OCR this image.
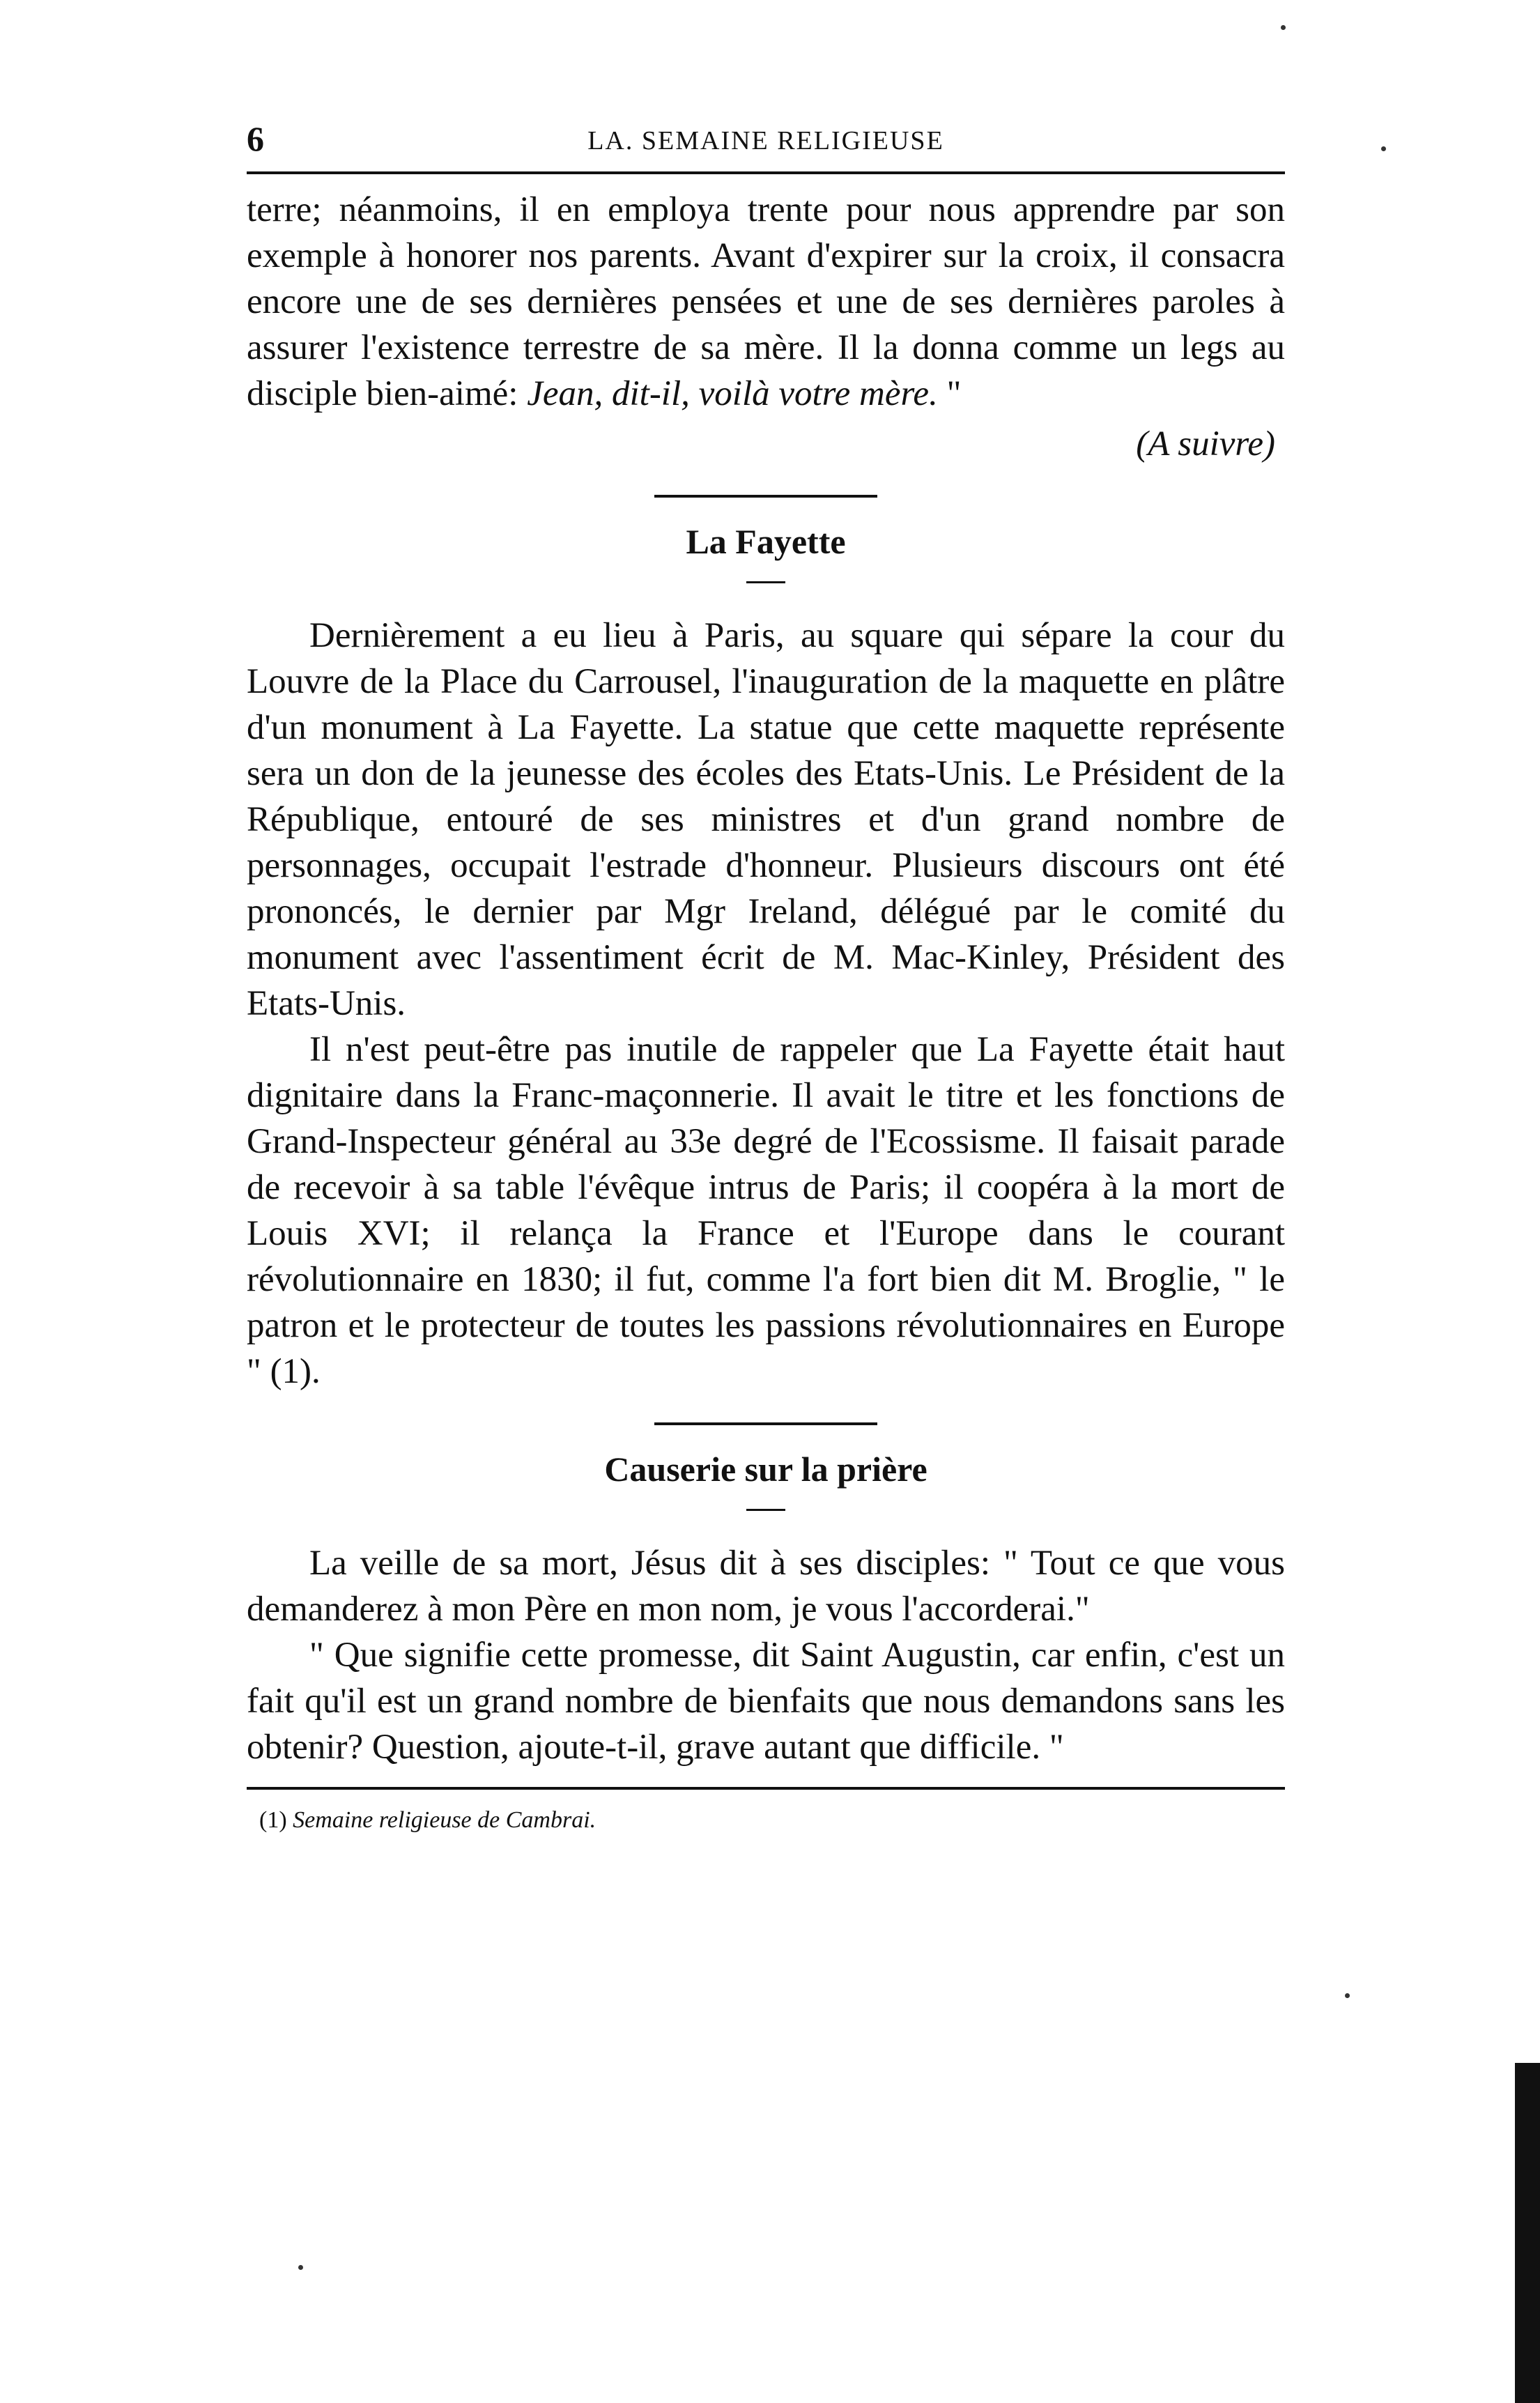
6	LA. SEMAINE RELIGIEUSE

terre; néanmoins, il en employa trente pour nous apprendre par son exemple à honorer nos parents. Avant d'expirer sur la croix, il consacra encore une de ses dernières pensées et une de ses dernières paroles à assurer l'existence terrestre de sa mère. Il la donna comme un legs au disciple bien-aimé: Jean, dit-il, voilà votre mère. "

(A suivre)
La Fayette

Dernièrement a eu lieu à Paris, au square qui sépare la cour du Louvre de la Place du Carrousel, l'inauguration de la maquette en plâtre d'un monument à La Fayette. La statue que cette maquette représente sera un don de la jeunesse des écoles des Etats-Unis. Le Président de la République, entouré de ses ministres et d'un grand nombre de personnages, occupait l'estrade d'honneur. Plusieurs discours ont été prononcés, le dernier par Mgr Ireland, délégué par le comité du monument avec l'assentiment écrit de M. Mac-Kinley, Président des Etats-Unis.

Il n'est peut-être pas inutile de rappeler que La Fayette était haut dignitaire dans la Franc-maçonnerie. Il avait le titre et les fonctions de Grand-Inspecteur général au 33e degré de l'Ecossisme. Il faisait parade de recevoir à sa table l'évêque intrus de Paris; il coopéra à la mort de Louis XVI; il relança la France et l'Europe dans le courant révolutionnaire en 1830; il fut, comme l'a fort bien dit M. Broglie, " le patron et le protecteur de toutes les passions révolutionnaires en Europe " (1).

Causerie sur la prière

La veille de sa mort, Jésus dit à ses disciples: " Tout ce que vous demanderez à mon Père en mon nom, je vous l'accorderai."

" Que signifie cette promesse, dit Saint Augustin, car enfin, c'est un fait qu'il est un grand nombre de bienfaits que nous demandons sans les obtenir? Question, ajoute-t-il, grave autant que difficile. "

(1) Semaine religieuse de Cambrai.
